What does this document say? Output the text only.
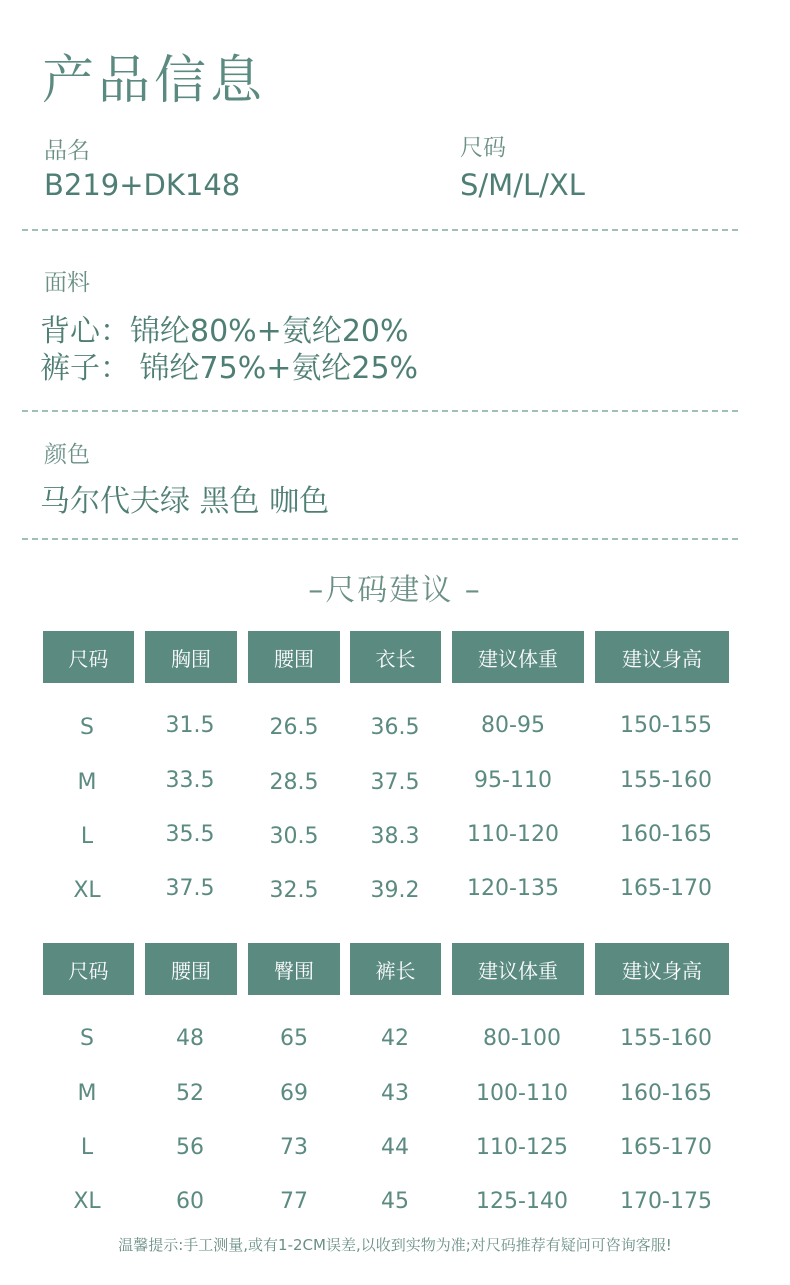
产品信息
品名
B219+DK148
尺码
S/M/L/XL
面料
背心：锦纶80%+氨纶20%
裤子： 锦纶75%+氨纶25%
颜色
马尔代夫绿 黑色 咖色
–尺码建议 –
尺码	胸围	腰围	衣长	建议体重	建议身高
S	31.5	26.5	36.5	80-95	150-155
M	33.5	28.5	37.5	95-110	155-160
L	35.5	30.5	38.3	110-120	160-165
XL	37.5	32.5	39.2	120-135	165-170
尺码	腰围	臀围	裤长	建议体重	建议身高
S	48	65	42	80-100	155-160
M	52	69	43	100-110	160-165
L	56	73	44	110-125	165-170
XL	60	77	45	125-140	170-175
温馨提示:手工测量,或有1-2CM误差,以收到实物为准;对尺码推荐有疑问可咨询客服!
